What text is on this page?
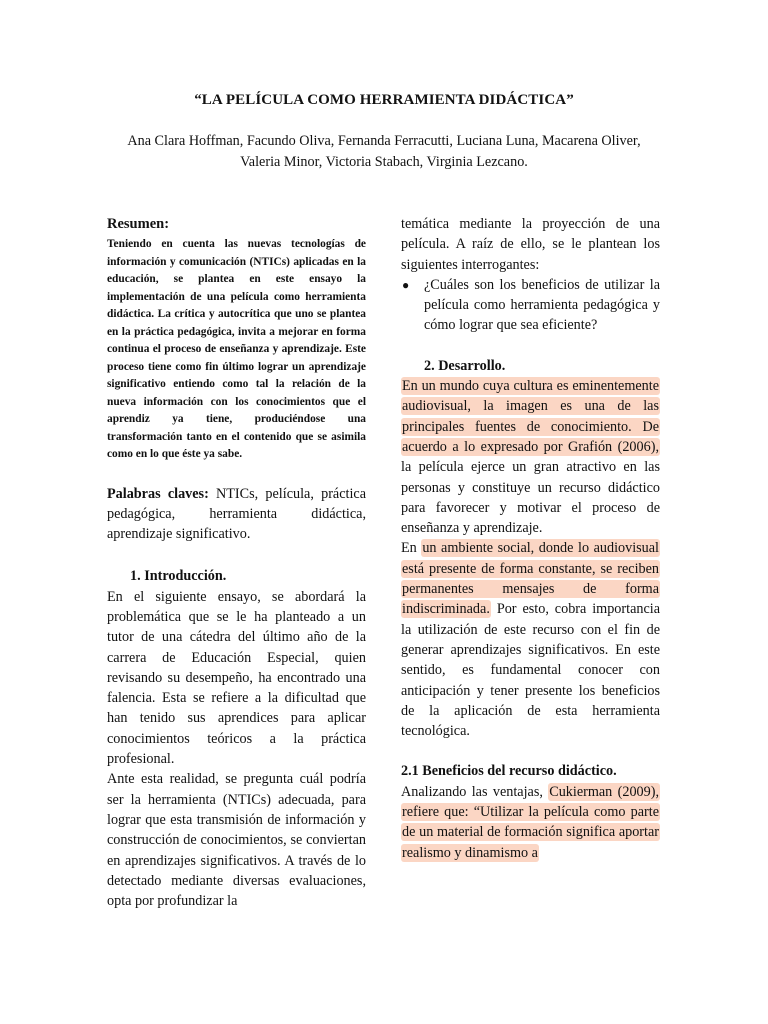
“LA PELÍCULA COMO HERRAMIENTA DIDÁCTICA”
Ana Clara Hoffman, Facundo Oliva, Fernanda Ferracutti, Luciana Luna, Macarena Oliver,
Valeria Minor, Victoria Stabach, Virginia Lezcano.
Resumen:

Teniendo en cuenta las nuevas tecnologías de información y comunicación (NTICs) aplicadas en la educación, se plantea en este ensayo la implementación de una película como herramienta didáctica. La crítica y autocrítica que uno se plantea en la práctica pedagógica, invita a mejorar en forma continua el proceso de enseñanza y aprendizaje. Este proceso tiene como fin último lograr un aprendizaje significativo entiendo como tal la relación de la nueva información con los conocimientos que el aprendiz ya tiene, produciéndose una transformación tanto en el contenido que se asimila como en lo que éste ya sabe.

Palabras claves: NTICs, película, práctica pedagógica, herramienta didáctica, aprendizaje significativo.

1. Introducción.

En el siguiente ensayo, se abordará la problemática que se le ha planteado a un tutor de una cátedra del último año de la carrera de Educación Especial, quien revisando su desempeño, ha encontrado una falencia. Esta se refiere a la dificultad que han tenido sus aprendices para aplicar conocimientos teóricos a la práctica profesional.

Ante esta realidad, se pregunta cuál podría ser la herramienta (NTICs) adecuada, para lograr que esta transmisión de información y construcción de conocimientos, se conviertan en aprendizajes significativos. A través de lo detectado mediante diversas evaluaciones, opta por profundizar la

temática mediante la proyección de una película. A raíz de ello, se le plantean los siguientes interrogantes:

● ¿Cuáles son los beneficios de utilizar la película como herramienta pedagógica y cómo lograr que sea eficiente?
2. Desarrollo.

En un mundo cuya cultura es eminentemente audiovisual, la imagen es una de las principales fuentes de conocimiento. De acuerdo a lo expresado por Grafión (2006), la película ejerce un gran atractivo en las personas y constituye un recurso didáctico para favorecer y motivar el proceso de enseñanza y aprendizaje.

En un ambiente social, donde lo audiovisual está presente de forma constante, se reciben permanentes mensajes de forma indiscriminada. Por esto, cobra importancia la utilización de este recurso con el fin de generar aprendizajes significativos. En este sentido, es fundamental conocer con anticipación y tener presente los beneficios de la aplicación de esta herramienta tecnológica.

2.1 Beneficios del recurso didáctico.

Analizando las ventajas, Cukierman (2009), refiere que: “Utilizar la película como parte de un material de formación significa aportar realismo y dinamismo a
